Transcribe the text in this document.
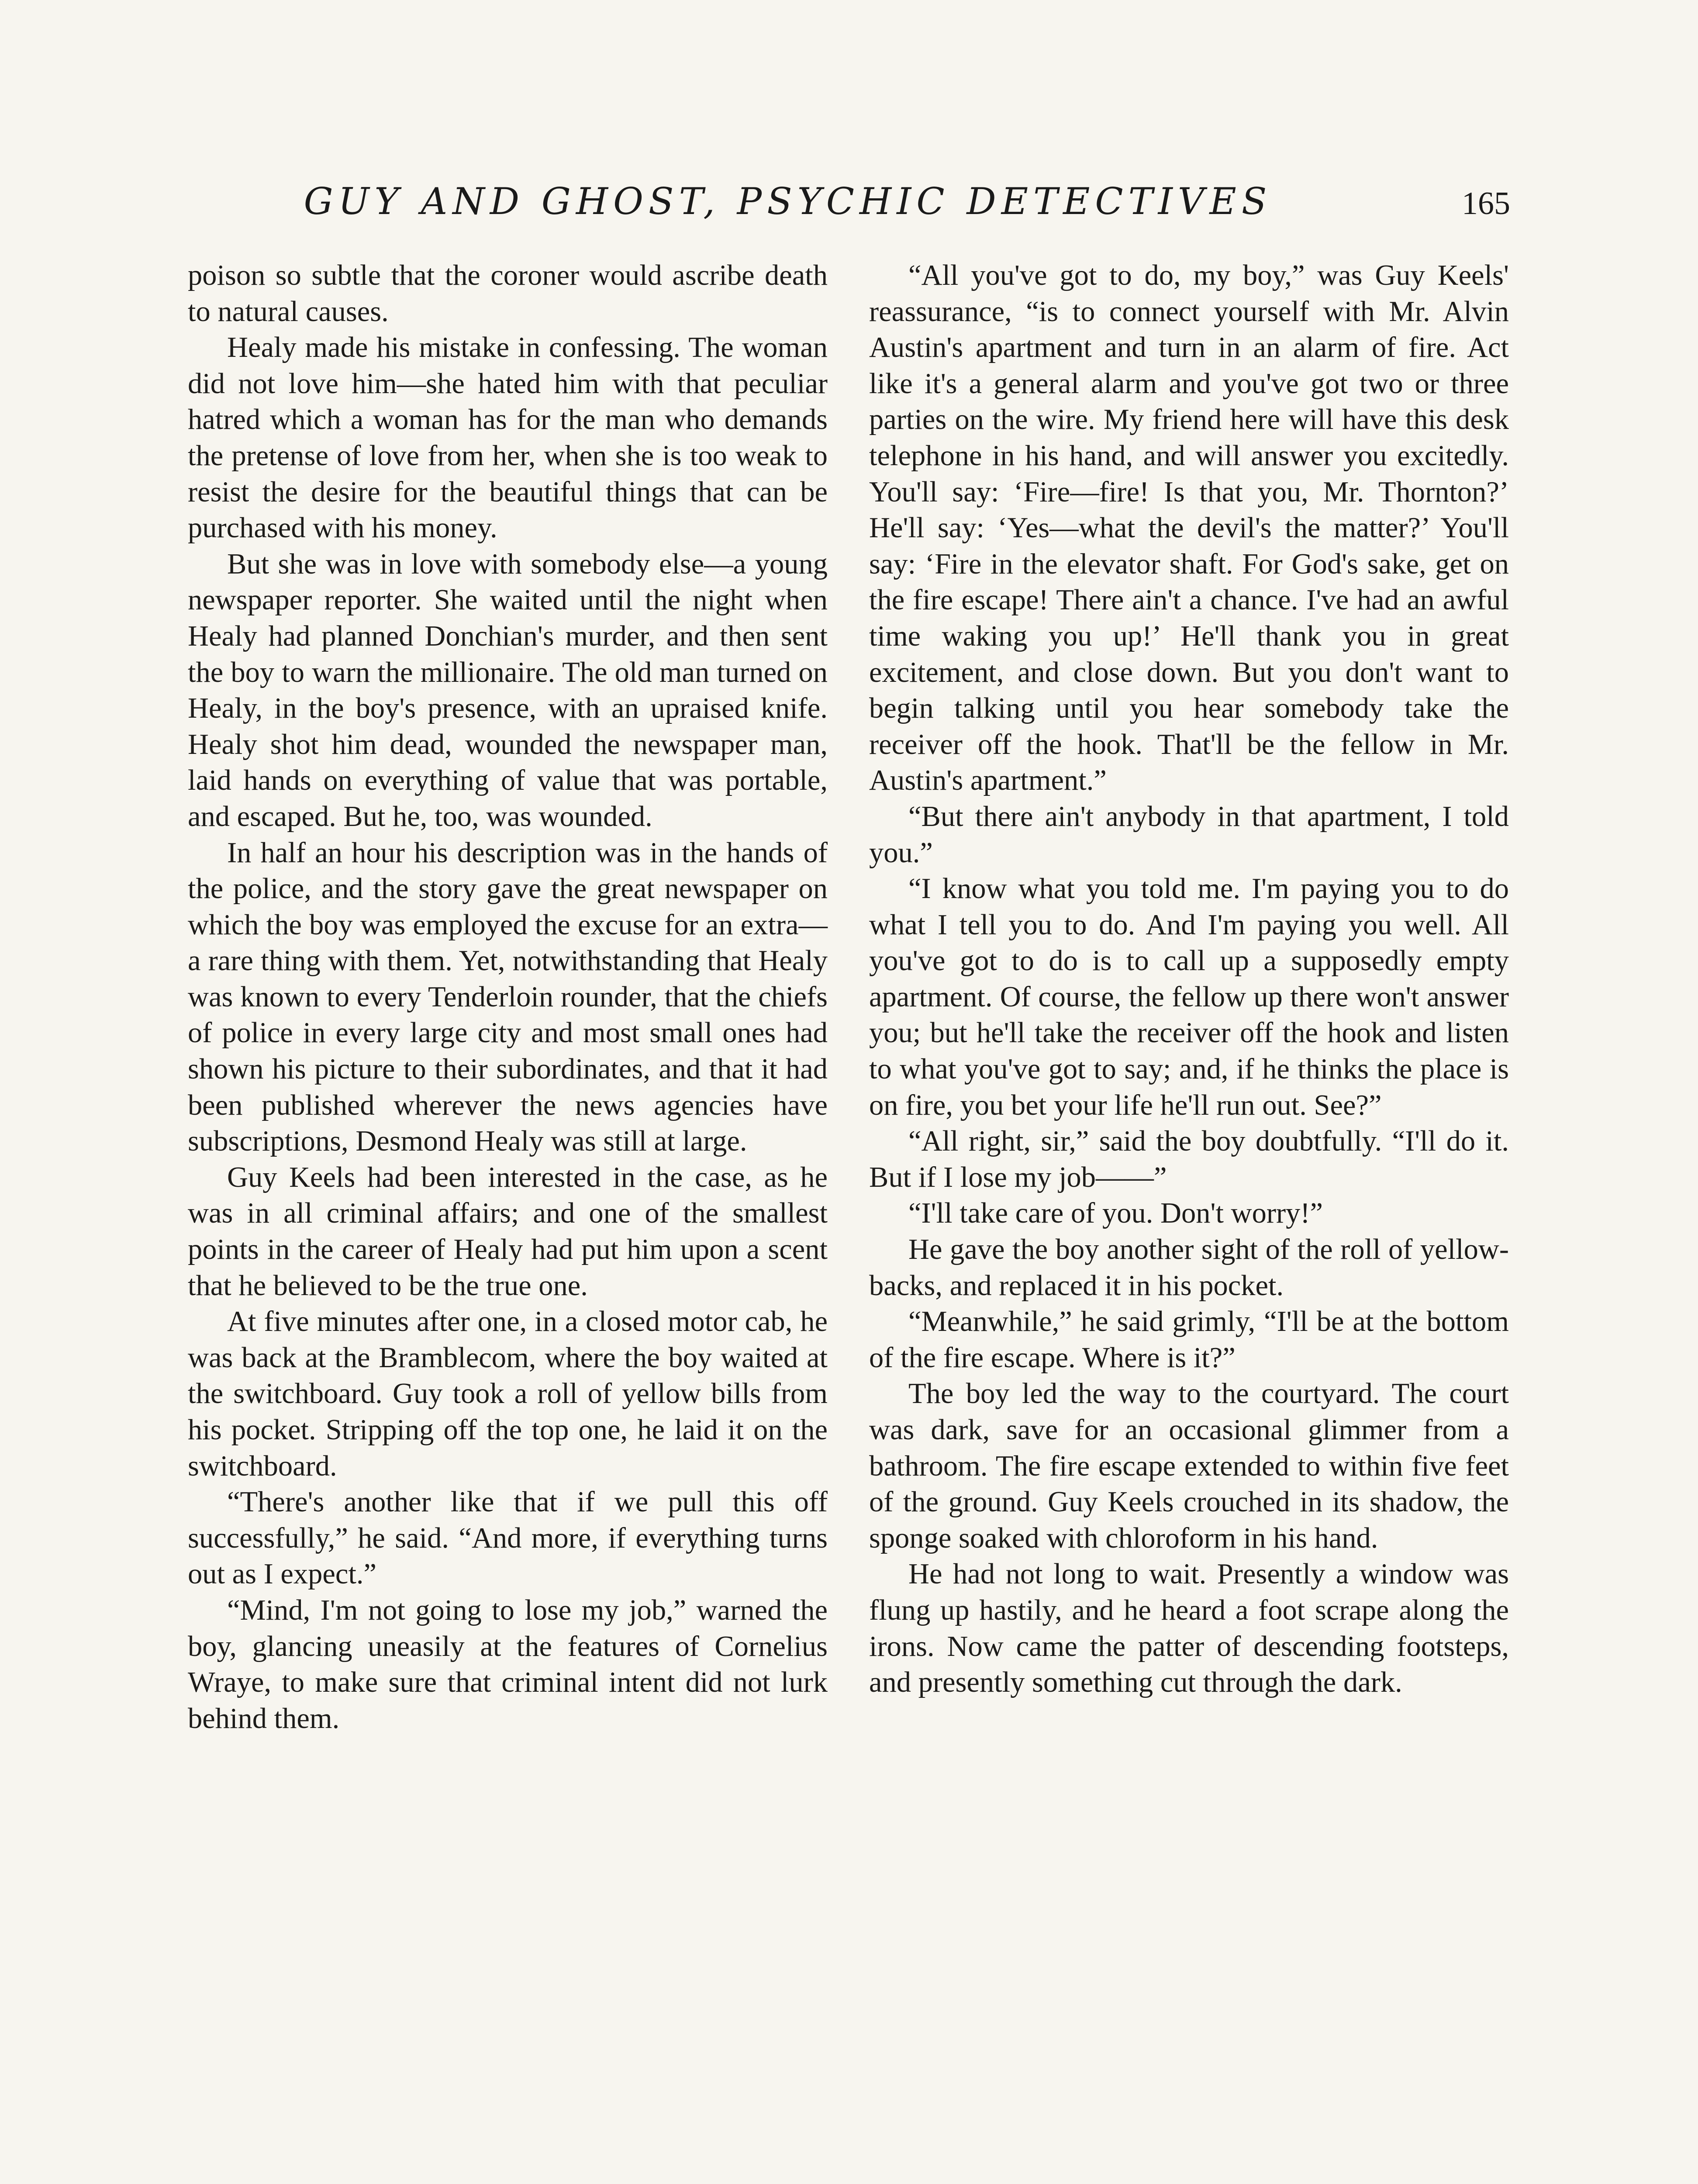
GUY AND GHOST, PSYCHIC DETECTIVES	165

poison so subtle that the coroner would ascribe death to natural causes.

Healy made his mistake in confessing. The woman did not love him—she hated him with that peculiar hatred which a woman has for the man who demands the pretense of love from her, when she is too weak to resist the desire for the beautiful things that can be purchased with his money.

But she was in love with somebody else—a young newspaper reporter. She waited until the night when Healy had planned Donchian's murder, and then sent the boy to warn the millionaire. The old man turned on Healy, in the boy's presence, with an upraised knife. Healy shot him dead, wounded the newspaper man, laid hands on everything of value that was portable, and escaped. But he, too, was wounded.

In half an hour his description was in the hands of the police, and the story gave the great newspaper on which the boy was employed the excuse for an extra—a rare thing with them. Yet, notwithstanding that Healy was known to every Tenderloin rounder, that the chiefs of police in every large city and most small ones had shown his picture to their subordinates, and that it had been published wherever the news agencies have subscriptions, Desmond Healy was still at large.

Guy Keels had been interested in the case, as he was in all criminal affairs; and one of the smallest points in the career of Healy had put him upon a scent that he believed to be the true one.

At five minutes after one, in a closed motor cab, he was back at the Bramblecom, where the boy waited at the switchboard. Guy took a roll of yellow bills from his pocket. Stripping off the top one, he laid it on the switchboard.

“There's another like that if we pull this off successfully,” he said. “And more, if everything turns out as I expect.”

“Mind, I'm not going to lose my job,” warned the boy, glancing uneasily at the features of Cornelius Wraye, to make sure that criminal intent did not lurk behind them.

“All you've got to do, my boy,” was Guy Keels' reassurance, “is to connect yourself with Mr. Alvin Austin's apartment and turn in an alarm of fire. Act like it's a general alarm and you've got two or three parties on the wire. My friend here will have this desk telephone in his hand, and will answer you excitedly. You'll say: ‘Fire—fire! Is that you, Mr. Thornton?’ He'll say: ‘Yes—what the devil's the matter?’ You'll say: ‘Fire in the elevator shaft. For God's sake, get on the fire escape! There ain't a chance. I've had an awful time waking you up!’ He'll thank you in great excitement, and close down. But you don't want to begin talking until you hear somebody take the receiver off the hook. That'll be the fellow in Mr. Austin's apartment.”

“But there ain't anybody in that apartment, I told you.”

“I know what you told me. I'm paying you to do what I tell you to do. And I'm paying you well. All you've got to do is to call up a supposedly empty apartment. Of course, the fellow up there won't answer you; but he'll take the receiver off the hook and listen to what you've got to say; and, if he thinks the place is on fire, you bet your life he'll run out. See?”

“All right, sir,” said the boy doubtfully. “I'll do it. But if I lose my job——”

“I'll take care of you. Don't worry!”

He gave the boy another sight of the roll of yellow-backs, and replaced it in his pocket.

“Meanwhile,” he said grimly, “I'll be at the bottom of the fire escape. Where is it?”

The boy led the way to the courtyard. The court was dark, save for an occasional glimmer from a bathroom. The fire escape extended to within five feet of the ground. Guy Keels crouched in its shadow, the sponge soaked with chloroform in his hand.

He had not long to wait. Presently a window was flung up hastily, and he heard a foot scrape along the irons. Now came the patter of descending footsteps, and presently something cut through the dark.
